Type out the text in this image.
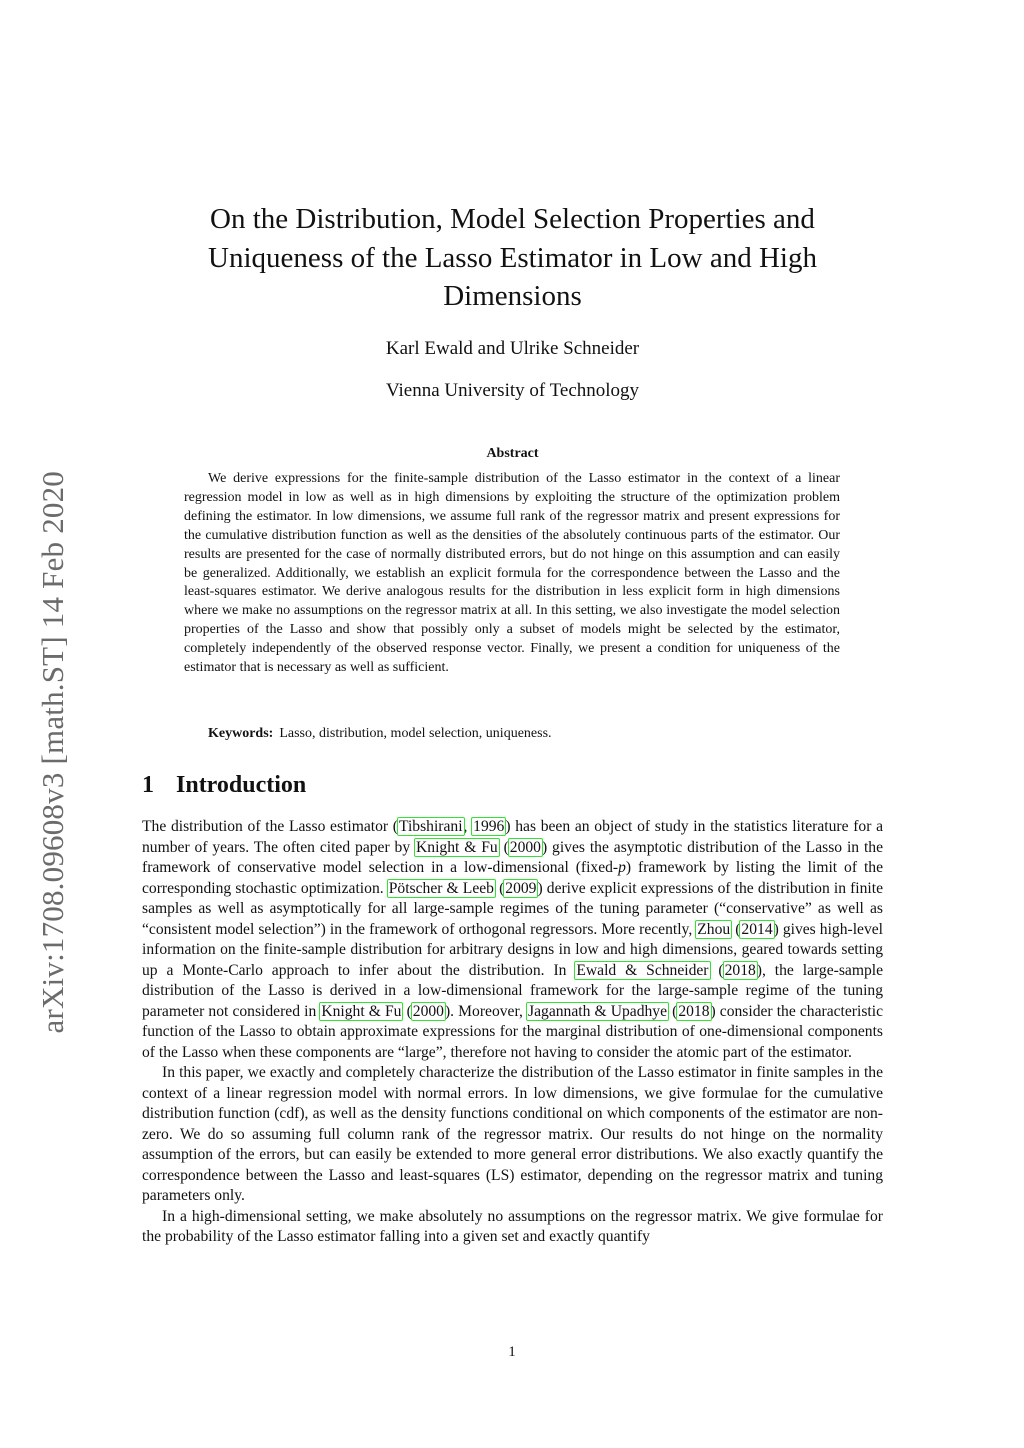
arXiv:1708.09608v3 [math.ST] 14 Feb 2020
On the Distribution, Model Selection Properties and Uniqueness of the Lasso Estimator in Low and High Dimensions
Karl Ewald and Ulrike Schneider
Vienna University of Technology
Abstract

We derive expressions for the finite-sample distribution of the Lasso estimator in the context of a linear regression model in low as well as in high dimensions by exploiting the structure of the optimization problem defining the estimator. In low dimensions, we assume full rank of the regressor matrix and present expressions for the cumulative distribution function as well as the densities of the absolutely continuous parts of the estimator. Our results are presented for the case of normally distributed errors, but do not hinge on this assumption and can easily be generalized. Additionally, we establish an explicit formula for the correspondence between the Lasso and the least-squares estimator. We derive analogous results for the distribution in less explicit form in high dimensions where we make no assumptions on the regressor matrix at all. In this setting, we also investigate the model selection properties of the Lasso and show that possibly only a subset of models might be selected by the estimator, completely independently of the observed response vector. Finally, we present a condition for uniqueness of the estimator that is necessary as well as sufficient.

Keywords: Lasso, distribution, model selection, uniqueness.
1 Introduction

The distribution of the Lasso estimator (Tibshirani, 1996) has been an object of study in the statistics literature for a number of years. The often cited paper by Knight & Fu (2000) gives the asymptotic distribution of the Lasso in the framework of conservative model selection in a low-dimensional (fixed-p) framework by listing the limit of the corresponding stochastic optimization. Pötscher & Leeb (2009) derive explicit expressions of the distribution in finite samples as well as asymptotically for all large-sample regimes of the tuning parameter (“conservative” as well as “consistent model selection”) in the framework of orthogonal regressors. More recently, Zhou (2014) gives high-level information on the finite-sample distribution for arbitrary designs in low and high dimensions, geared towards setting up a Monte-Carlo approach to infer about the distribution. In Ewald & Schneider (2018), the large-sample distribution of the Lasso is derived in a low-dimensional framework for the large-sample regime of the tuning parameter not considered in Knight & Fu (2000). Moreover, Jagannath & Upadhye (2018) consider the characteristic function of the Lasso to obtain approximate expressions for the marginal distribution of one-dimensional components of the Lasso when these components are “large”, therefore not having to consider the atomic part of the estimator.

In this paper, we exactly and completely characterize the distribution of the Lasso estimator in finite samples in the context of a linear regression model with normal errors. In low dimensions, we give formulae for the cumulative distribution function (cdf), as well as the density functions conditional on which components of the estimator are non-zero. We do so assuming full column rank of the regressor matrix. Our results do not hinge on the normality assumption of the errors, but can easily be extended to more general error distributions. We also exactly quantify the correspondence between the Lasso and least-squares (LS) estimator, depending on the regressor matrix and tuning parameters only.

In a high-dimensional setting, we make absolutely no assumptions on the regressor matrix. We give formulae for the probability of the Lasso estimator falling into a given set and exactly quantify

1
